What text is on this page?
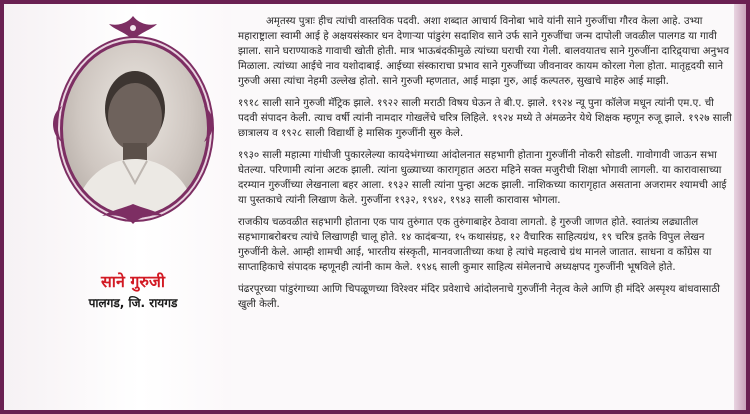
साने गुरुजी
पालगड, जि. रायगड

अमृतस्य पुत्राः हीच त्यांची वास्तविक पदवी. अशा शब्दात आचार्य विनोबा भावे यांनी साने गुरुजींचा गौरव केला आहे. उभ्या महाराष्ट्राला स्वामी आई हे अक्षयसंस्कार धन देणाऱ्या पांडुरंग सदाशिव साने उर्फ साने गुरुजींचा जन्म दापोली जवळील पालगड या गावी झाला. साने घराण्याकडे गावाची खोती होती. मात्र भाऊबंदकीमुळे त्यांच्या घराची रया गेली. बालवयातच साने गुरुजींना दारिद्र्याचा अनुभव मिळाला. त्यांच्या आईचे नाव यशोदाबाई. आईच्या संस्काराचा प्रभाव साने गुरुजींच्या जीवनावर कायम कोरला गेला होता. मातृहृदयी साने गुरुजी असा त्यांचा नेहमी उल्लेख होतो. साने गुरुजी म्हणतात, आई माझा गुरु, आई कल्पतरु, सुखाचे माहेरु आई माझी.

१९१८ साली साने गुरुजी मॅट्रिक झाले. १९२२ साली मराठी विषय घेऊन ते बी.ए. झाले. १९२४ न्यू पुना कॉलेज मधून त्यांनी एम.ए. ची पदवी संपादन केली. त्याच वर्षी त्यांनी नामदार गोखलेंचे चरित्र लिहिले. १९२४ मध्ये ते अंमळनेर येथे शिक्षक म्हणून रुजू झाले. १९२७ साली छात्रालय व १९२८ साली विद्यार्थी हे मासिक गुरुजींनी सुरु केले.

१९३० साली महात्मा गांधीजी पुकारलेल्या कायदेभंगाच्या आंदोलनात सहभागी होताना गुरुजींनी नोकरी सोडली. गावोगावी जाऊन सभा घेतल्या. परिणामी त्यांना अटक झाली. त्यांना धुळ्याच्या कारागृहात अठरा महिने सक्त मजुरीची शिक्षा भोगावी लागली. या कारावासाच्या दरम्यान गुरुजींच्या लेखनाला बहर आला. १९३२ साली त्यांना पुन्हा अटक झाली. नाशिकच्या कारागृहात असताना अजरामर श्यामची आई या पुस्तकाचे त्यांनी लिखाण केले. गुरुजींना १९३२, १९४२, १९४३ साली कारावास भोगला.

राजकीय चळवळीत सहभागी होताना एक पाय तुरुंगात एक तुरुंगाबाहेर ठेवावा लागतो. हे गुरुजी जाणत होते. स्वातंत्र्य लढ्यातील सहभागाबरोबरच त्यांचे लिखाणही चालू होते. १४ कादंबऱ्या, १५ कथासंग्रह, १२ वैचारिक साहित्यग्रंथ, १९ चरित्र इतके विपुल लेखन गुरुजींनी केले. आम्ही शामची आई, भारतीय संस्कृती, मानवजातीच्या कथा हे त्यांचे महत्वाचे ग्रंथ मानले जातात. साधना व कॉंग्रेस या साप्ताहिकाचे संपादक म्हणूनही त्यांनी काम केले. १९४६ साली कुमार साहित्य संमेलनाचे अध्यक्षपद गुरुजींनी भूषविले होते.

पंढरपूरच्या पांडुरंगाच्या आणि चिपळूणच्या विरेश्वर मंदिर प्रवेशाचे आंदोलनाचे गुरुजींनी नेतृत्व केले आणि ही मंदिरे अस्पृश्य बांधवासाठी खुली केली.
